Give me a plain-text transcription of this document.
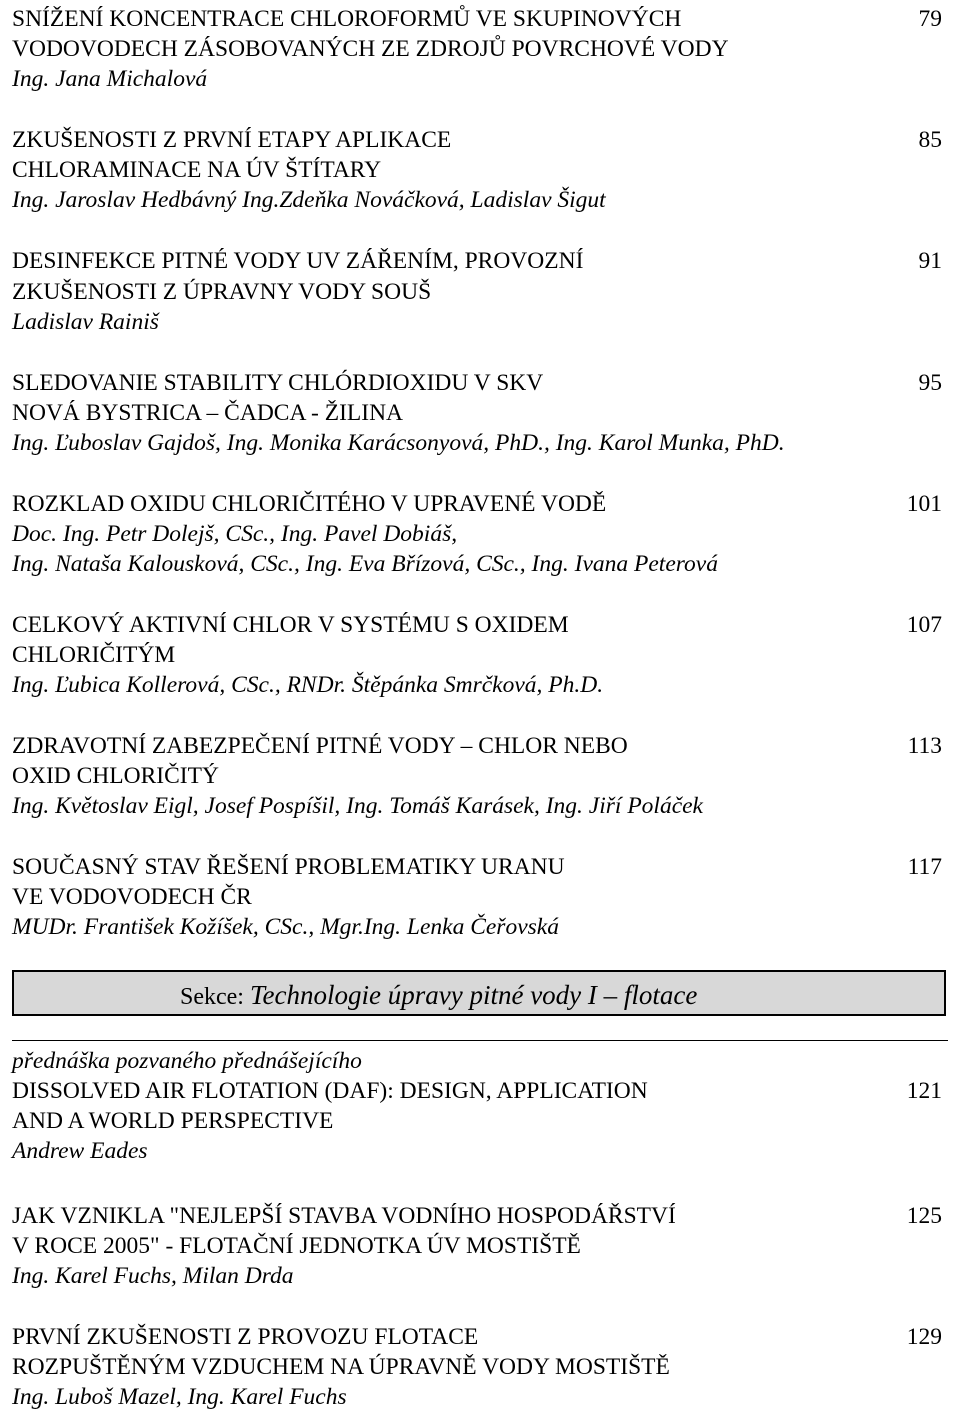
SNÍŽENÍ KONCENTRACE CHLOROFORMŮ VE SKUPINOVÝCH	79
VODOVODECH ZÁSOBOVANÝCH ZE ZDROJŮ POVRCHOVÉ VODY
Ing. Jana Michalová
ZKUŠENOSTI Z PRVNÍ ETAPY APLIKACE	85
CHLORAMINACE NA ÚV ŠTÍTARY
Ing. Jaroslav Hedbávný Ing.Zdeňka Nováčková, Ladislav Šigut
DESINFEKCE PITNÉ VODY UV ZÁŘENÍM, PROVOZNÍ	91
ZKUŠENOSTI Z ÚPRAVNY VODY SOUŠ
Ladislav Rainiš
SLEDOVANIE STABILITY CHLÓRDIOXIDU V SKV	95
NOVÁ BYSTRICA – ČADCA - ŽILINA
Ing. Ľuboslav Gajdoš, Ing. Monika Karácsonyová, PhD., Ing. Karol Munka, PhD.
ROZKLAD OXIDU CHLORIČITÉHO V UPRAVENÉ VODĚ	101
Doc. Ing. Petr Dolejš, CSc., Ing. Pavel Dobiáš,
Ing. Nataša Kalousková, CSc., Ing. Eva Břízová, CSc., Ing. Ivana Peterová
CELKOVÝ AKTIVNÍ CHLOR V SYSTÉMU S OXIDEM	107
CHLORIČITÝM
Ing. Ľubica Kollerová, CSc., RNDr. Štěpánka Smrčková, Ph.D.
ZDRAVOTNÍ ZABEZPEČENÍ PITNÉ VODY – CHLOR NEBO	113
OXID CHLORIČITÝ
Ing. Květoslav Eigl, Josef Pospíšil, Ing. Tomáš Karásek, Ing. Jiří Poláček
SOUČASNÝ STAV ŘEŠENÍ PROBLEMATIKY URANU	117
VE VODOVODECH ČR
MUDr. František Kožíšek, CSc., Mgr.Ing. Lenka Čeřovská
Sekce: Technologie úpravy pitné vody I – flotace
přednáška pozvaného přednášejícího
DISSOLVED AIR FLOTATION (DAF): DESIGN, APPLICATION	121
AND A WORLD PERSPECTIVE
Andrew Eades
JAK VZNIKLA "NEJLEPŠÍ STAVBA VODNÍHO HOSPODÁŘSTVÍ	125
V ROCE 2005" - FLOTAČNÍ JEDNOTKA ÚV MOSTIŠTĚ
Ing. Karel Fuchs, Milan Drda
PRVNÍ ZKUŠENOSTI Z PROVOZU FLOTACE	129
ROZPUŠTĚNÝM VZDUCHEM NA ÚPRAVNĚ VODY MOSTIŠTĚ
Ing. Luboš Mazel, Ing. Karel Fuchs
